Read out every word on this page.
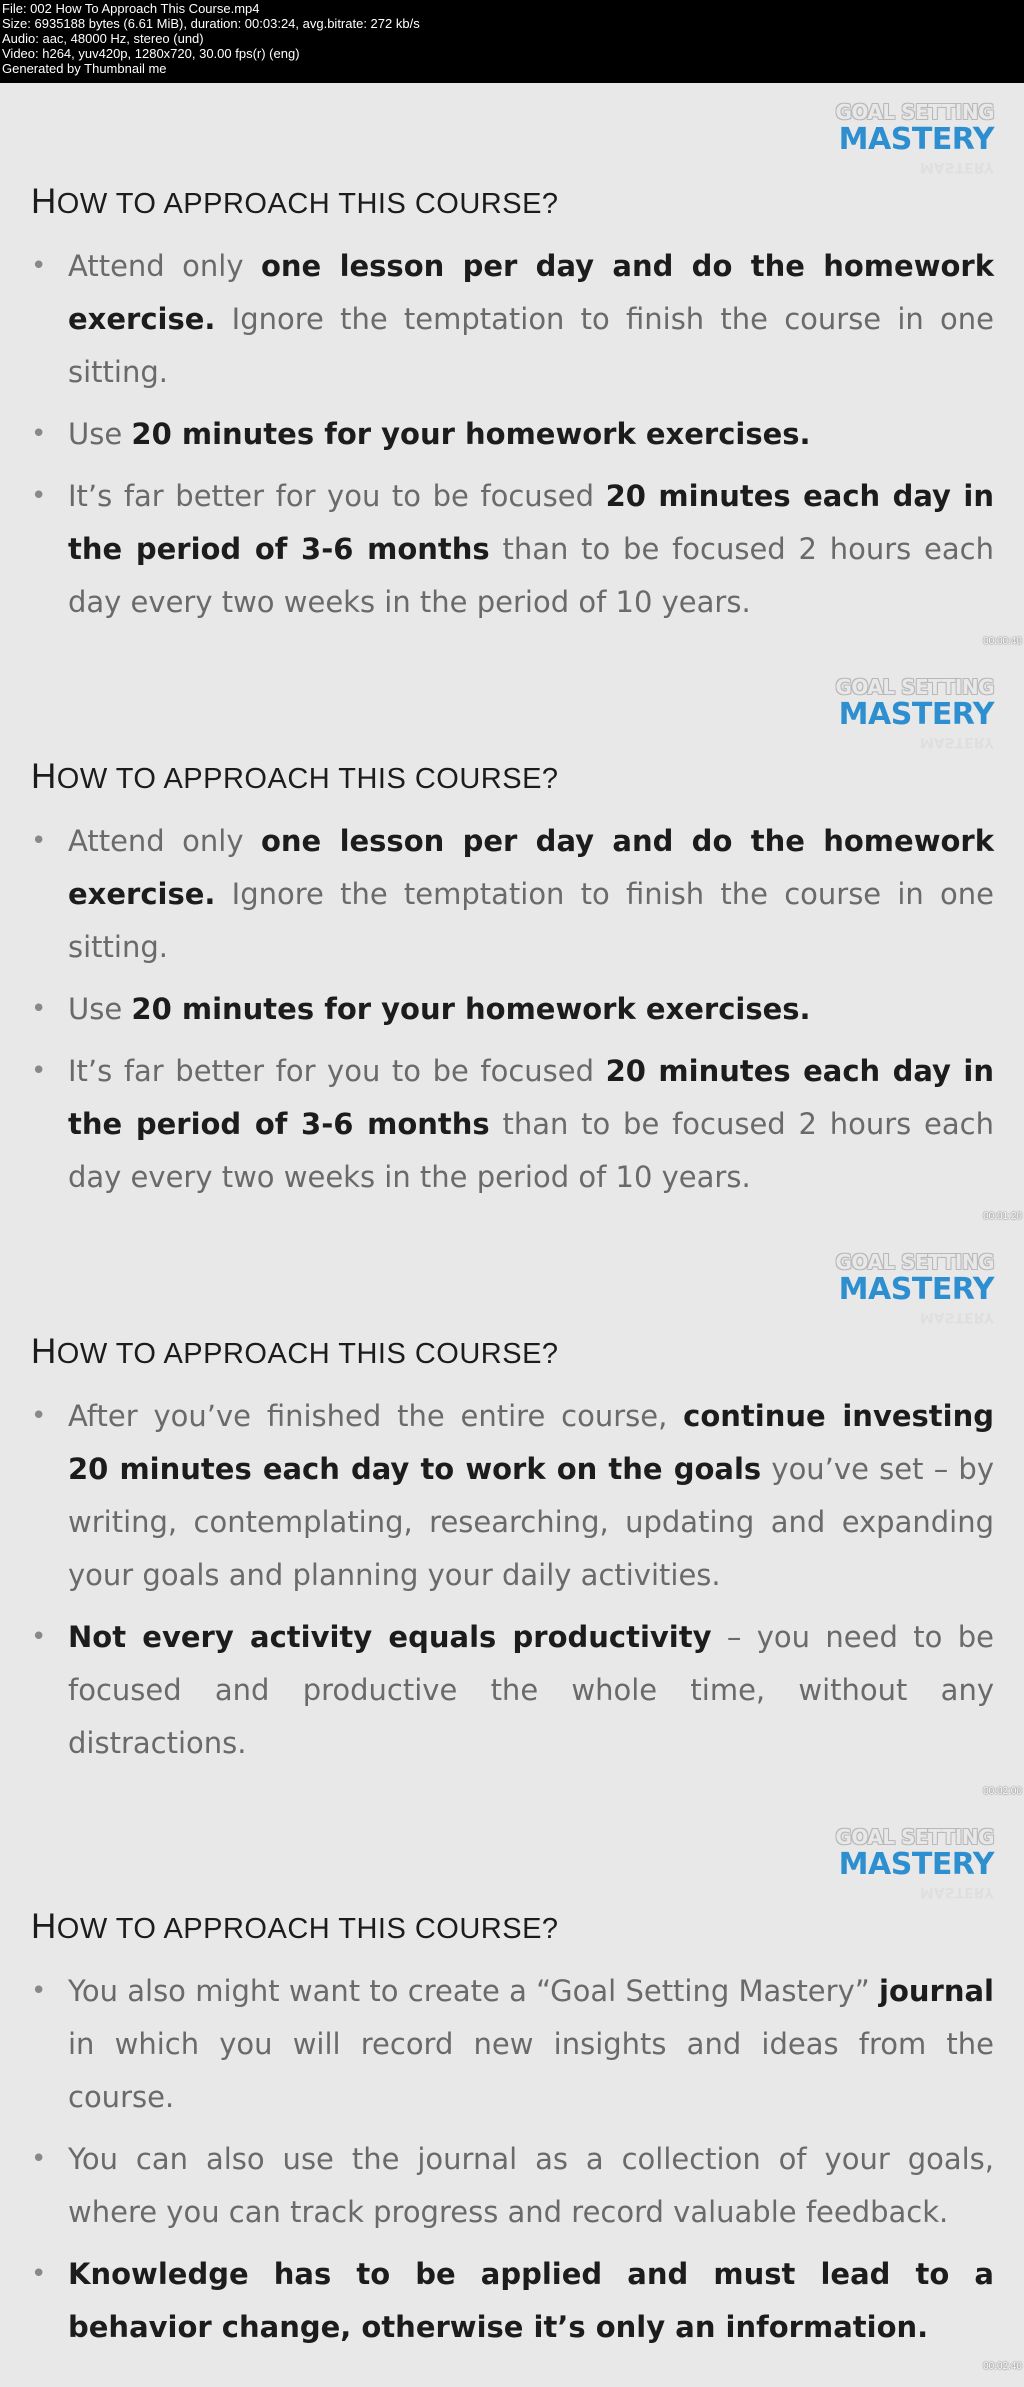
File: 002 How To Approach This Course.mp4
Size: 6935188 bytes (6.61 MiB), duration: 00:03:24, avg.bitrate: 272 kb/s
Audio: aac, 48000 Hz, stereo (und)
Video: h264, yuv420p, 1280x720, 30.00 fps(r) (eng)
Generated by Thumbnail me
GOAL SETTING
MASTERY
MASTERY
HOW TO APPROACH THIS COURSE?
• Attend only one lesson per day and do the homework exercise. Ignore the temptation to finish the course in one sitting.
• Use 20 minutes for your homework exercises.
• It’s far better for you to be focused 20 minutes each day in the period of 3-6 months than to be focused 2 hours each day every two weeks in the period of 10 years.
00:00:40
GOAL SETTING
MASTERY
MASTERY
HOW TO APPROACH THIS COURSE?
• Attend only one lesson per day and do the homework exercise. Ignore the temptation to finish the course in one sitting.
• Use 20 minutes for your homework exercises.
• It’s far better for you to be focused 20 minutes each day in the period of 3-6 months than to be focused 2 hours each day every two weeks in the period of 10 years.
00:01:20
GOAL SETTING
MASTERY
MASTERY
HOW TO APPROACH THIS COURSE?
• After you’ve finished the entire course, continue investing 20 minutes each day to work on the goals you’ve set – by writing, contemplating, researching, updating and expanding your goals and planning your daily activities.
• Not every activity equals productivity – you need to be focused and productive the whole time, without any distractions.
00:02:00
GOAL SETTING
MASTERY
MASTERY
HOW TO APPROACH THIS COURSE?
• You also might want to create a “Goal Setting Mastery” journal in which you will record new insights and ideas from the course.
• You can also use the journal as a collection of your goals, where you can track progress and record valuable feedback.
• Knowledge has to be applied and must lead to a behavior change, otherwise it’s only an information.
00:02:40
